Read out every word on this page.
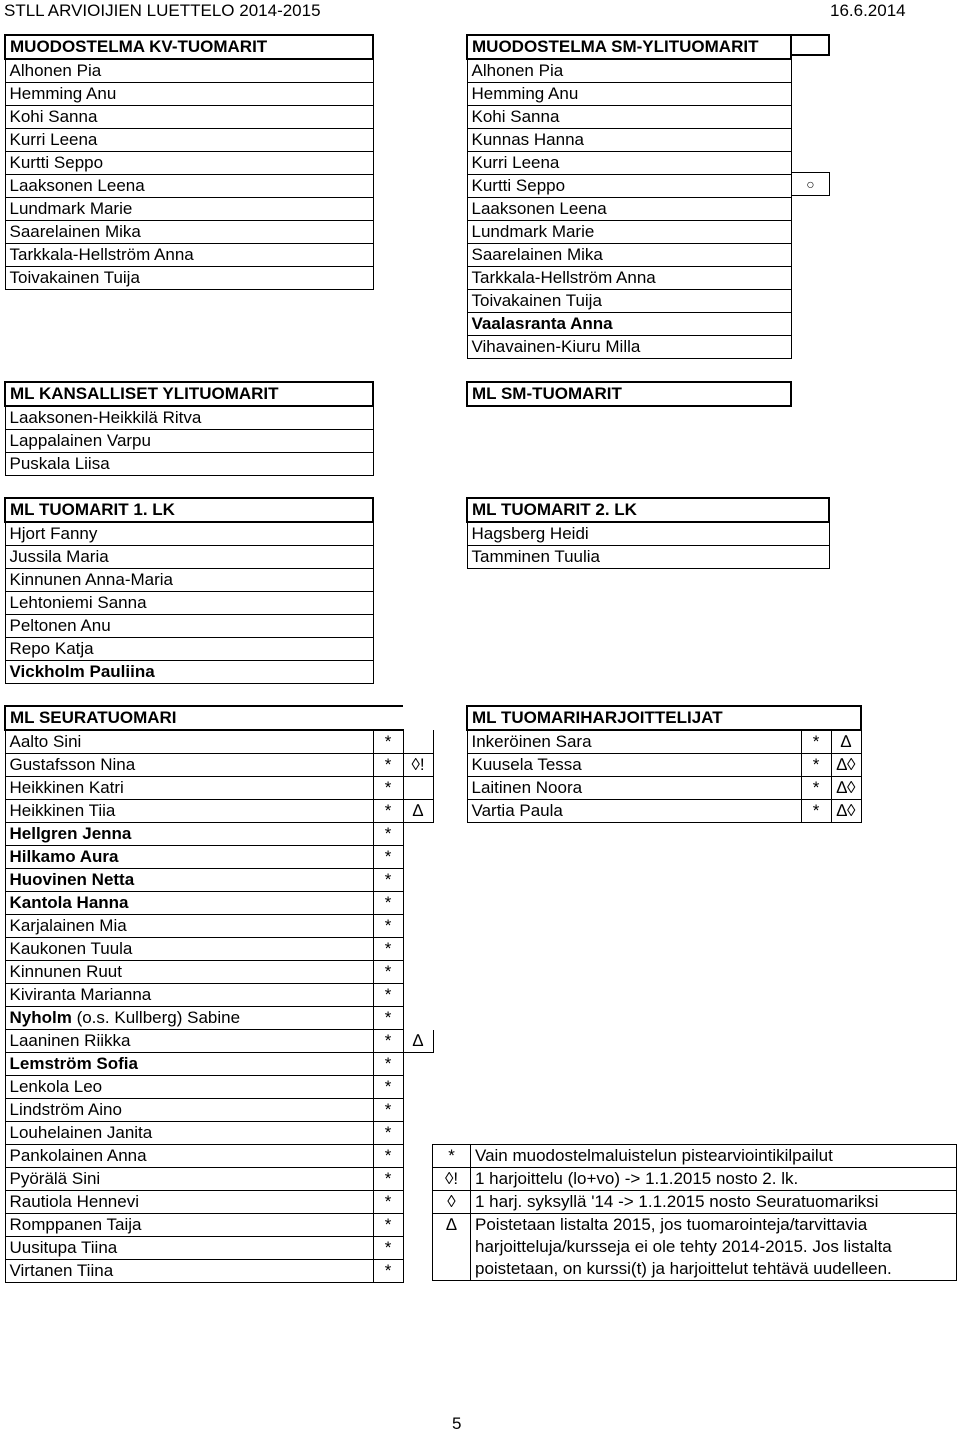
STLL ARVIOIJIEN LUETTELO 2014-2015	16.6.2014
MUODOSTELMA KV-TUOMARIT
Alhonen Pia
Hemming Anu
Kohi Sanna
Kurri Leena
Kurtti Seppo
Laaksonen Leena
Lundmark Marie
Saarelainen Mika
Tarkkala-Hellström Anna
Toivakainen Tuija
MUODOSTELMA SM-YLITUOMARIT
Alhonen Pia
Hemming Anu
Kohi Sanna
Kunnas Hanna
Kurri Leena
Kurtti Seppo
Laaksonen Leena
Lundmark Marie
Saarelainen Mika
Tarkkala-Hellström Anna
Toivakainen Tuija
Vaalasranta Anna
Vihavainen-Kiuru Milla
○
ML KANSALLISET YLITUOMARIT
Laaksonen-Heikkilä Ritva
Lappalainen Varpu
Puskala Liisa
ML SM-TUOMARIT
ML TUOMARIT 1. LK
Hjort Fanny
Jussila Maria
Kinnunen Anna-Maria
Lehtoniemi Sanna
Peltonen Anu
Repo Katja
Vickholm Pauliina
ML TUOMARIT 2. LK
Hagsberg Heidi
Tamminen Tuulia
ML SEURATUOMARI		
Aalto Sini	*	
Gustafsson Nina	*	◊!
Heikkinen Katri	*	
Heikkinen Tiia	*	∆
Hellgren Jenna	*	
Hilkamo Aura	*	
Huovinen Netta	*	
Kantola Hanna	*	
Karjalainen Mia	*	
Kaukonen Tuula	*	
Kinnunen Ruut	*	
Kiviranta Marianna	*	
Nyholm (o.s. Kullberg) Sabine	*	
Laaninen Riikka	*	∆
Lemström Sofia	*	
Lenkola Leo	*	
Lindström Aino	*	
Louhelainen Janita	*	
Pankolainen Anna	*	
Pyörälä Sini	*	
Rautiola Hennevi	*	
Romppanen Taija	*	
Uusitupa Tiina	*	
Virtanen Tiina	*	
ML TUOMARIHARJOITTELIJAT		
Inkeröinen Sara	*	∆
Kuusela Tessa	*	∆◊
Laitinen Noora	*	∆◊
Vartia Paula	*	∆◊
*	Vain muodostelmaluistelun pistearviointikilpailut
◊!	1 harjoittelu (lo+vo) -> 1.1.2015 nosto 2. lk.
◊	1 harj. syksyllä '14 -> 1.1.2015 nosto Seuratuomariksi
∆	Poistetaan listalta 2015, jos tuomarointeja/tarvittavia
	harjoitteluja/kursseja ei ole tehty 2014-2015. Jos listalta
	poistetaan, on kurssi(t) ja harjoittelut tehtävä uudelleen.
5
